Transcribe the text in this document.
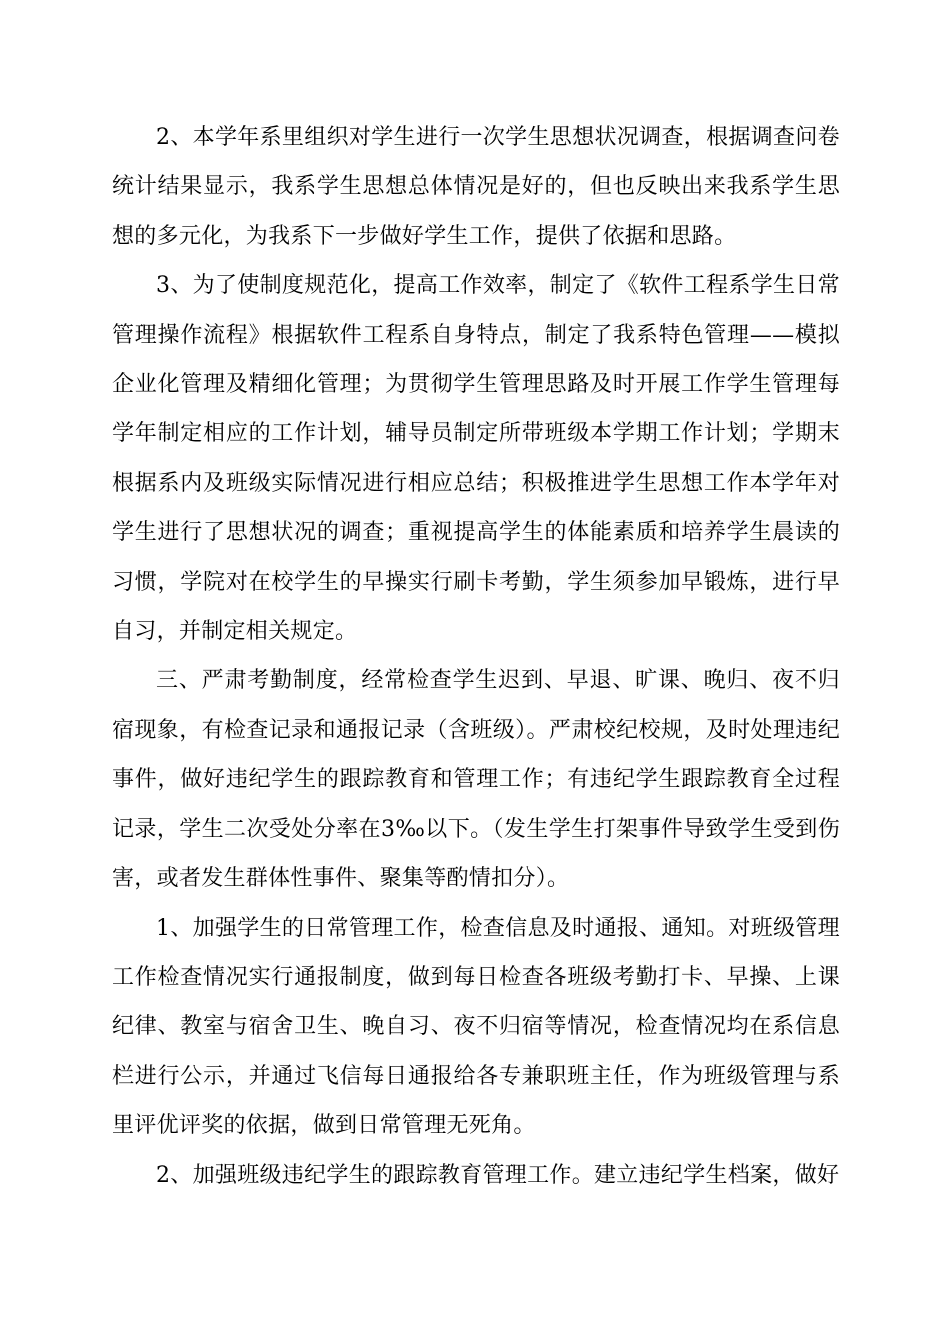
2、本学年系里组织对学生进行一次学生思想状况调查，根据调查问卷统计结果显示，我系学生思想总体情况是好的，但也反映出来我系学生思想的多元化，为我系下一步做好学生工作，提供了依据和思路。

3、为了使制度规范化，提高工作效率，制定了《软件工程系学生日常管理操作流程》根据软件工程系自身特点，制定了我系特色管理——模拟企业化管理及精细化管理；为贯彻学生管理思路及时开展工作学生管理每学年制定相应的工作计划，辅导员制定所带班级本学期工作计划；学期末根据系内及班级实际情况进行相应总结；积极推进学生思想工作本学年对学生进行了思想状况的调查；重视提高学生的体能素质和培养学生晨读的习惯，学院对在校学生的早操实行刷卡考勤，学生须参加早锻炼，进行早自习，并制定相关规定。

三、严肃考勤制度，经常检查学生迟到、早退、旷课、晚归、夜不归宿现象，有检查记录和通报记录（含班级）。严肃校纪校规，及时处理违纪事件，做好违纪学生的跟踪教育和管理工作；有违纪学生跟踪教育全过程记录，学生二次受处分率在3‰以下。（发生学生打架事件导致学生受到伤害，或者发生群体性事件、聚集等酌情扣分）。

1、加强学生的日常管理工作，检查信息及时通报、通知。对班级管理工作检查情况实行通报制度，做到每日检查各班级考勤打卡、早操、上课纪律、教室与宿舍卫生、晚自习、夜不归宿等情况，检查情况均在系信息栏进行公示，并通过飞信每日通报给各专兼职班主任，作为班级管理与系里评优评奖的依据，做到日常管理无死角。

2、加强班级违纪学生的跟踪教育管理工作。建立违纪学生档案，做好
